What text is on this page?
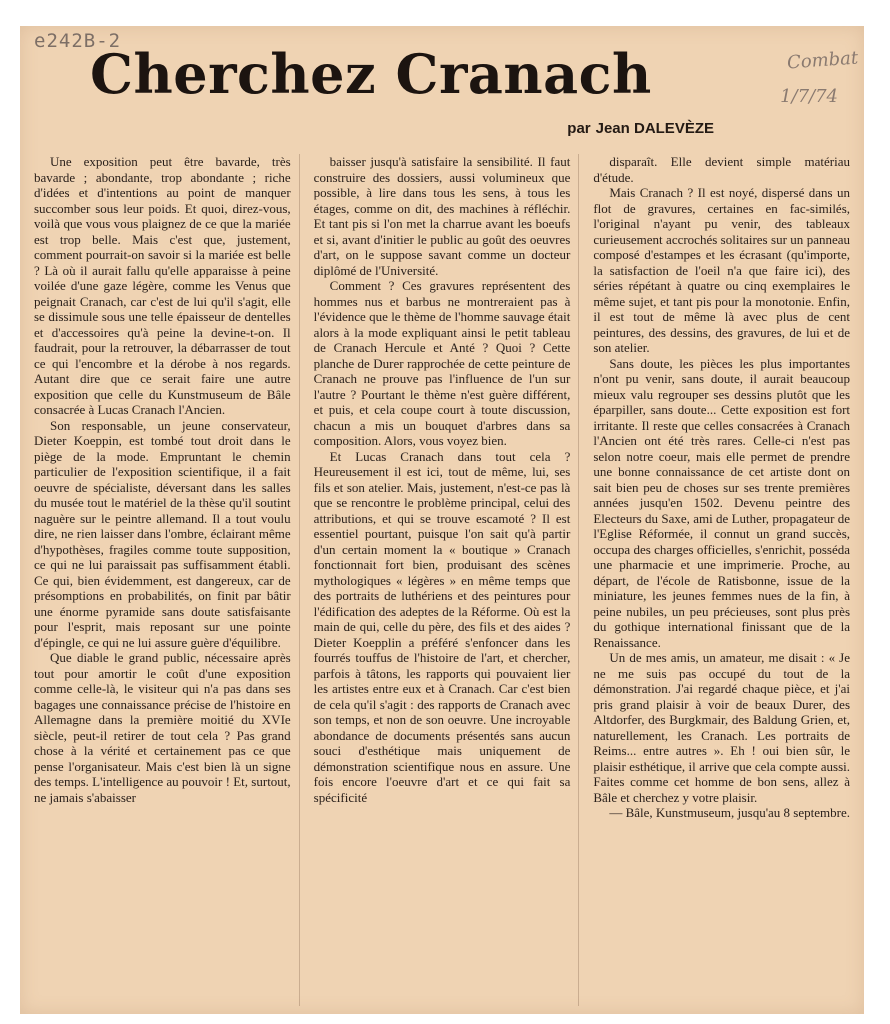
e242B-2
Cherchez Cranach
par Jean DALEVÈZE
Combat
1/7/74

Une exposition peut être bavarde, très bavarde ; abondante, trop abondante ; riche d'idées et d'intentions au point de manquer succomber sous leur poids. Et quoi, direz-vous, voilà que vous vous plaignez de ce que la mariée est trop belle. Mais c'est que, justement, comment pourrait-on savoir si la mariée est belle ? Là où il aurait fallu qu'elle apparaisse à peine voilée d'une gaze légère, comme les Venus que peignait Cranach, car c'est de lui qu'il s'agit, elle se dissimule sous une telle épaisseur de dentelles et d'accessoires qu'à peine la devine-t-on. Il faudrait, pour la retrouver, la débarrasser de tout ce qui l'encombre et la dérobe à nos regards. Autant dire que ce serait faire une autre exposition que celle du Kunstmuseum de Bâle consacrée à Lucas Cranach l'Ancien.

Son responsable, un jeune conservateur, Dieter Koeppin, est tombé tout droit dans le piège de la mode. Empruntant le chemin particulier de l'exposition scientifique, il a fait oeuvre de spécialiste, déversant dans les salles du musée tout le matériel de la thèse qu'il soutint naguère sur le peintre allemand. Il a tout voulu dire, ne rien laisser dans l'ombre, éclairant même d'hypothèses, fragiles comme toute supposition, ce qui ne lui paraissait pas suffisamment établi. Ce qui, bien évidemment, est dangereux, car de présomptions en probabilités, on finit par bâtir une énorme pyramide sans doute satisfaisante pour l'esprit, mais reposant sur une pointe d'épingle, ce qui ne lui assure guère d'équilibre.

Que diable le grand public, nécessaire après tout pour amortir le coût d'une exposition comme celle-là, le visiteur qui n'a pas dans ses bagages une connaissance précise de l'histoire en Allemagne dans la première moitié du XVIe siècle, peut-il retirer de tout cela ? Pas grand chose à la vérité et certainement pas ce que pense l'organisateur. Mais c'est bien là un signe des temps. L'intelligence au pouvoir ! Et, surtout, ne jamais s'abaisser

baisser jusqu'à satisfaire la sensibilité. Il faut construire des dossiers, aussi volumineux que possible, à lire dans tous les sens, à tous les étages, comme on dit, des machines à réfléchir. Et tant pis si l'on met la charrue avant les boeufs et si, avant d'initier le public au goût des oeuvres d'art, on le suppose savant comme un docteur diplômé de l'Université.

Comment ? Ces gravures représentent des hommes nus et barbus ne montreraient pas à l'évidence que le thème de l'homme sauvage était alors à la mode expliquant ainsi le petit tableau de Cranach Hercule et Anté ? Quoi ? Cette planche de Durer rapprochée de cette peinture de Cranach ne prouve pas l'influence de l'un sur l'autre ? Pourtant le thème n'est guère différent, et puis, et cela coupe court à toute discussion, chacun a mis un bouquet d'arbres dans sa composition. Alors, vous voyez bien.

Et Lucas Cranach dans tout cela ? Heureusement il est ici, tout de même, lui, ses fils et son atelier. Mais, justement, n'est-ce pas là que se rencontre le problème principal, celui des attributions, et qui se trouve escamoté ? Il est essentiel pourtant, puisque l'on sait qu'à partir d'un certain moment la « boutique » Cranach fonctionnait fort bien, produisant des scènes mythologiques « légères » en même temps que des portraits de luthériens et des peintures pour l'édification des adeptes de la Réforme. Où est la main de qui, celle du père, des fils et des aides ? Dieter Koepplin a préféré s'enfoncer dans les fourrés touffus de l'histoire de l'art, et chercher, parfois à tâtons, les rapports qui pouvaient lier les artistes entre eux et à Cranach. Car c'est bien de cela qu'il s'agit : des rapports de Cranach avec son temps, et non de son oeuvre. Une incroyable abondance de documents présentés sans aucun souci d'esthétique mais uniquement de démonstration scientifique nous en assure. Une fois encore l'oeuvre d'art et ce qui fait sa spécificité

disparaît. Elle devient simple matériau d'étude.

Mais Cranach ? Il est noyé, dispersé dans un flot de gravures, certaines en fac-similés, l'original n'ayant pu venir, des tableaux curieusement accrochés solitaires sur un panneau composé d'estampes et les écrasant (qu'importe, la satisfaction de l'oeil n'a que faire ici), des séries répétant à quatre ou cinq exemplaires le même sujet, et tant pis pour la monotonie. Enfin, il est tout de même là avec plus de cent peintures, des dessins, des gravures, de lui et de son atelier.

Sans doute, les pièces les plus importantes n'ont pu venir, sans doute, il aurait beaucoup mieux valu regrouper ses dessins plutôt que les éparpiller, sans doute... Cette exposition est fort irritante. Il reste que celles consacrées à Cranach l'Ancien ont été très rares. Celle-ci n'est pas selon notre coeur, mais elle permet de prendre une bonne connaissance de cet artiste dont on sait bien peu de choses sur ses trente premières années jusqu'en 1502. Devenu peintre des Electeurs du Saxe, ami de Luther, propagateur de l'Eglise Réformée, il connut un grand succès, occupa des charges officielles, s'enrichit, posséda une pharmacie et une imprimerie. Proche, au départ, de l'école de Ratisbonne, issue de la miniature, les jeunes femmes nues de la fin, à peine nubiles, un peu précieuses, sont plus près du gothique international finissant que de la Renaissance.

Un de mes amis, un amateur, me disait : « Je ne me suis pas occupé du tout de la démonstration. J'ai regardé chaque pièce, et j'ai pris grand plaisir à voir de beaux Durer, des Altdorfer, des Burgkmair, des Baldung Grien, et, naturellement, les Cranach. Les portraits de Reims... entre autres ». Eh ! oui bien sûr, le plaisir esthétique, il arrive que cela compte aussi. Faites comme cet homme de bon sens, allez à Bâle et cherchez y votre plaisir.

— Bâle, Kunstmuseum, jusqu'au 8 septembre.
